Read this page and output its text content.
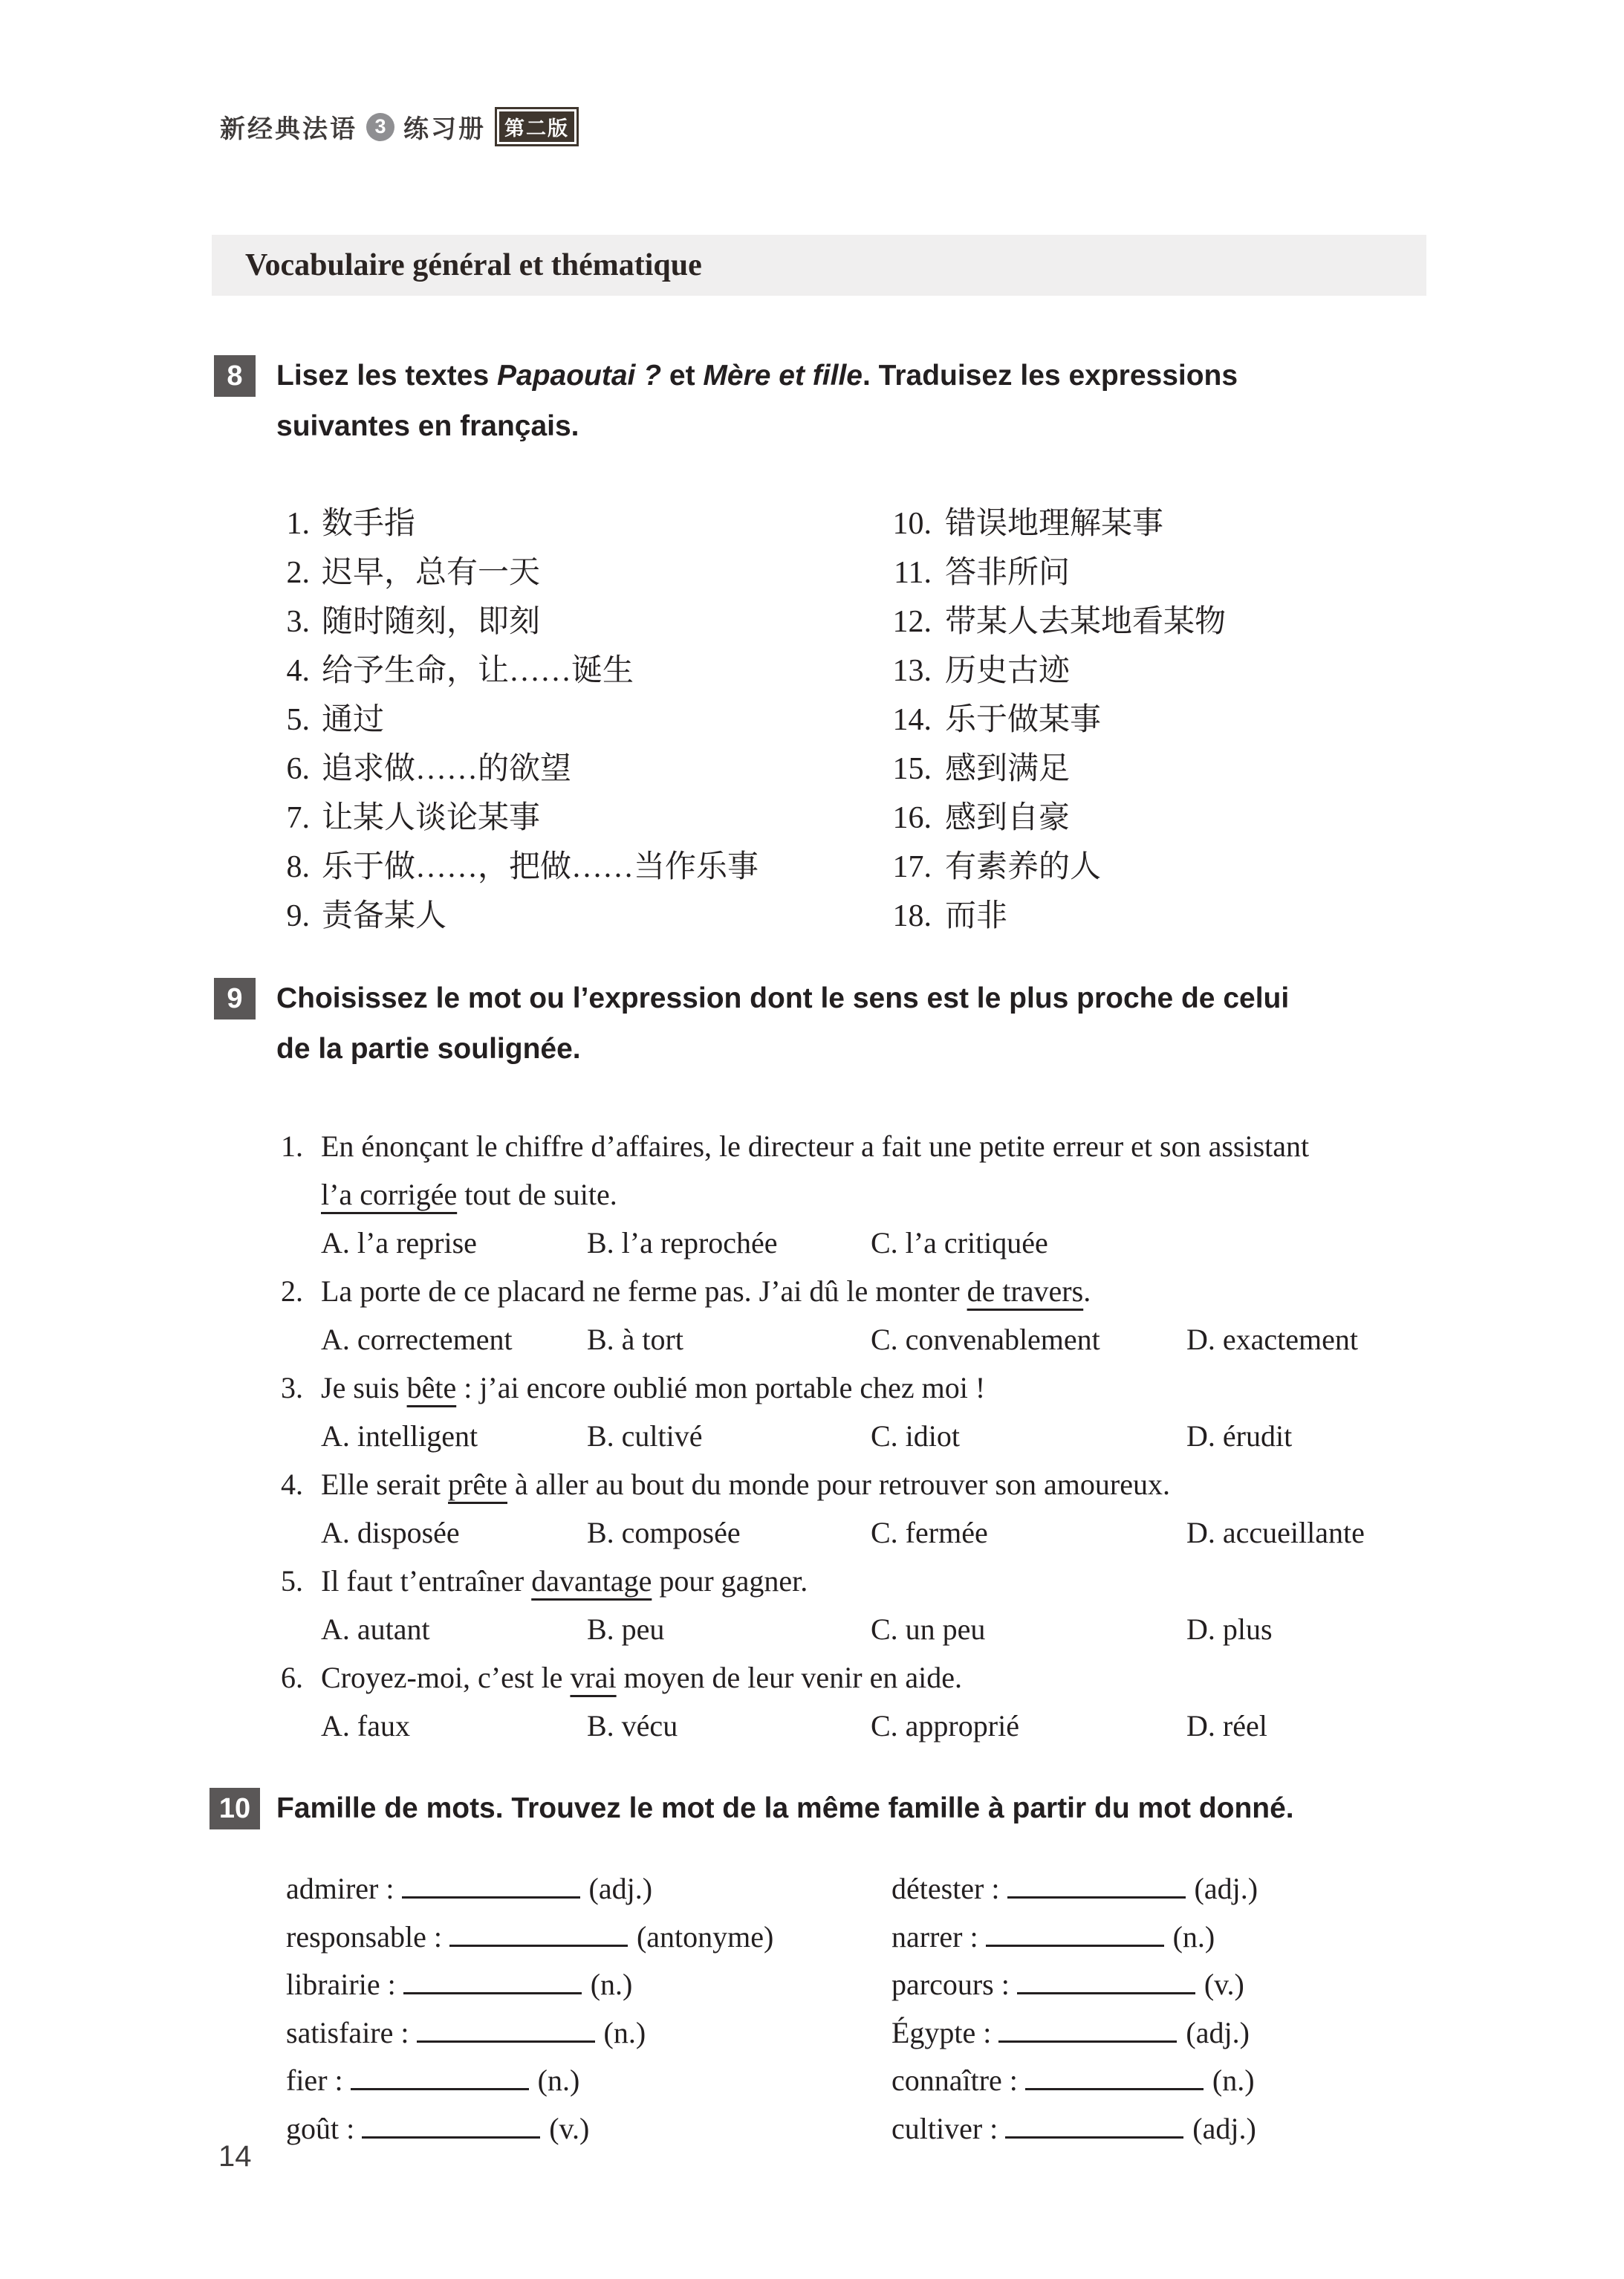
新经典法语 3 练习册 第二版
Vocabulaire général et thématique
8	Lisez les textes Papaoutai ? et Mère et fille. Traduisez les expressions
suivantes en français.
1. 数手指
2. 迟早，总有一天
3. 随时随刻，即刻
4. 给予生命，让……诞生
5. 通过
6. 追求做……的欲望
7. 让某人谈论某事
8. 乐于做……，把做……当作乐事
9. 责备某人
10. 错误地理解某事
11. 答非所问
12. 带某人去某地看某物
13. 历史古迹
14. 乐于做某事
15. 感到满足
16. 感到自豪
17. 有素养的人
18. 而非
9	Choisissez le mot ou l’expression dont le sens est le plus proche de celui
de la partie soulignée.
1. En énonçant le chiffre d’affaires, le directeur a fait une petite erreur et son assistant
l’a corrigée tout de suite.
A. l’a reprise	B. l’a reprochée	C. l’a critiquée
2. La porte de ce placard ne ferme pas. J’ai dû le monter de travers.
A. correctement	B. à tort	C. convenablement	D. exactement
3. Je suis bête : j’ai encore oublié mon portable chez moi !
A. intelligent	B. cultivé	C. idiot	D. érudit
4. Elle serait prête à aller au bout du monde pour retrouver son amoureux.
A. disposée	B. composée	C. fermée	D. accueillante
5. Il faut t’entraîner davantage pour gagner.
A. autant	B. peu	C. un peu	D. plus
6. Croyez-moi, c’est le vrai moyen de leur venir en aide.
A. faux	B. vécu	C. approprié	D. réel
10 Famille de mots. Trouvez le mot de la même famille à partir du mot donné.
admirer :	(adj.)
responsable :	(antonyme)
librairie :	(n.)
satisfaire :	(n.)
fier :	(n.)
goût :	(v.)
détester :	(adj.)
narrer :	(n.)
parcours :	(v.)
Égypte :	(adj.)
connaître :	(n.)
cultiver :	(adj.)
14
